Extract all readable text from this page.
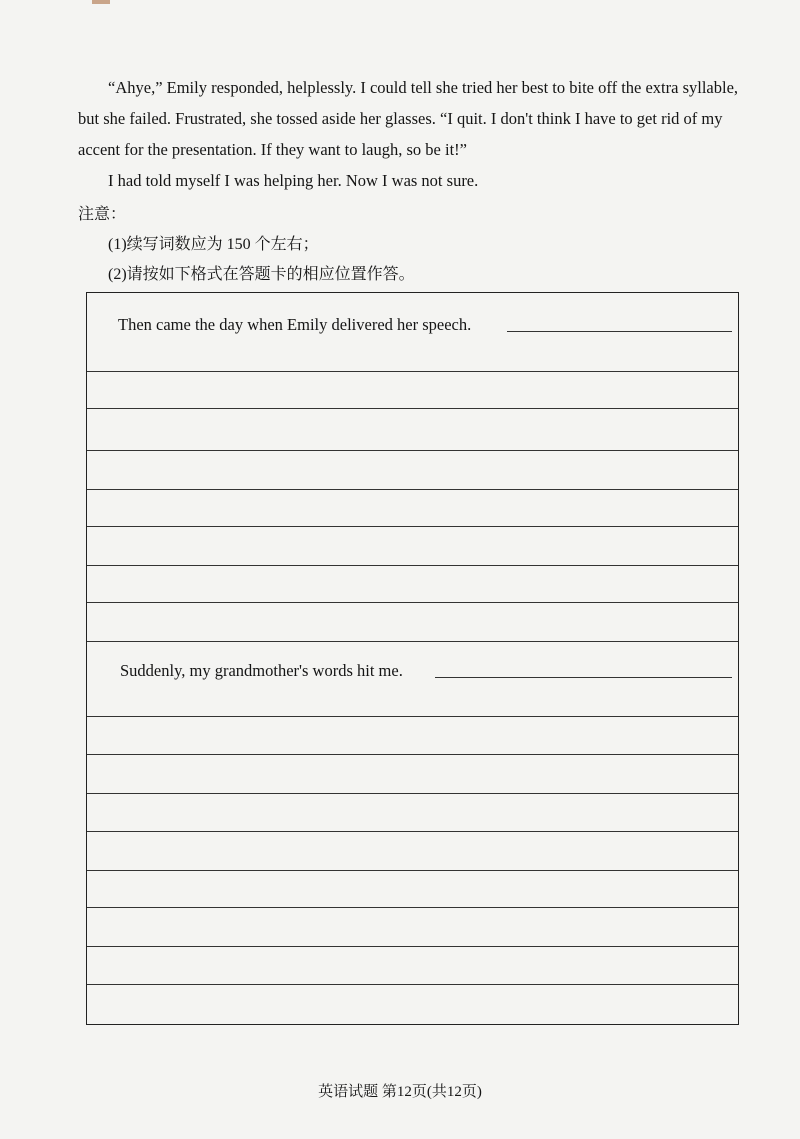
“Ahye,” Emily responded, helplessly. I could tell she tried her best to bite off the extra syllable, but she failed. Frustrated, she tossed aside her glasses. “I quit. I don't think I have to get rid of my accent for the presentation. If they want to laugh, so be it!”

I had told myself I was helping her. Now I was not sure.

注意：
(1)续写词数应为 150 个左右；
(2)请按如下格式在答题卡的相应位置作答。
Then came the day when Emily delivered her speech.
Suddenly, my grandmother's words hit me.
英语试题 第12页(共12页)
